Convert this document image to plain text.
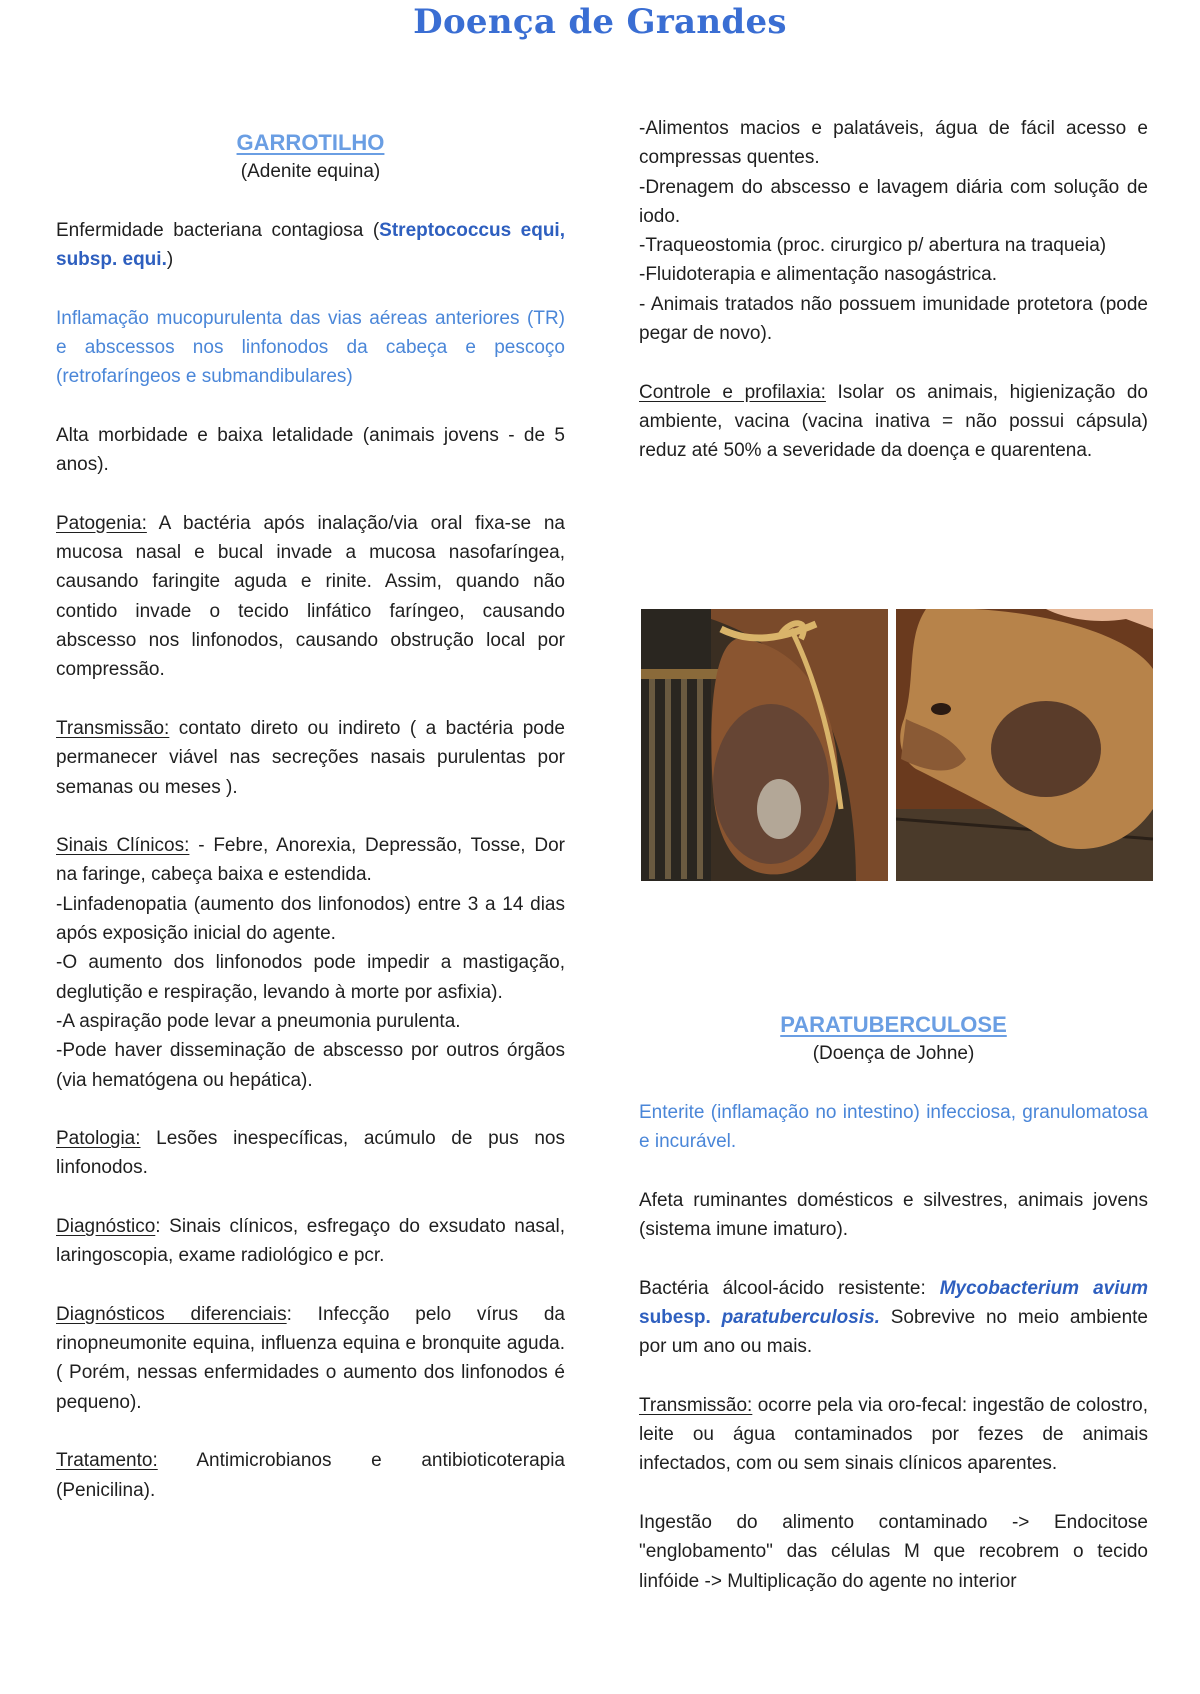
Doença de Grandes

GARROTILHO

(Adenite equina)

Enfermidade bacteriana contagiosa (Streptococcus equi, subsp. equi.)

Inflamação mucopurulenta das vias aéreas anteriores (TR) e abscessos nos linfonodos da cabeça e pescoço (retrofaríngeos e submandibulares)

Alta morbidade e baixa letalidade (animais jovens - de 5 anos).

Patogenia: A bactéria após inalação/via oral fixa-se na mucosa nasal e bucal invade a mucosa nasofaríngea, causando faringite aguda e rinite. Assim, quando não contido invade o tecido linfático faríngeo, causando abscesso nos linfonodos, causando obstrução local por compressão.

Transmissão: contato direto ou indireto ( a bactéria pode permanecer viável nas secreções nasais purulentas por semanas ou meses ).

Sinais Clínicos: - Febre, Anorexia, Depressão, Tosse, Dor na faringe, cabeça baixa e estendida.

-Linfadenopatia (aumento dos linfonodos) entre 3 a 14 dias após exposição inicial do agente.

-O aumento dos linfonodos pode impedir a mastigação, deglutição e respiração, levando à morte por asfixia).

-A aspiração pode levar a pneumonia purulenta.

-Pode haver disseminação de abscesso por outros órgãos (via hematógena ou hepática).

Patologia: Lesões inespecíficas, acúmulo de pus nos linfonodos.

Diagnóstico: Sinais clínicos, esfregaço do exsudato nasal, laringoscopia, exame radiológico e pcr.

Diagnósticos diferenciais: Infecção pelo vírus da rinopneumonite equina, influenza equina e bronquite aguda. ( Porém, nessas enfermidades o aumento dos linfonodos é pequeno).

Tratamento: Antimicrobianos e antibioticoterapia (Penicilina).

-Alimentos macios e palatáveis, água de fácil acesso e compressas quentes.

-Drenagem do abscesso e lavagem diária com solução de iodo.

-Traqueostomia (proc. cirurgico p/ abertura na traqueia)

-Fluidoterapia e alimentação nasogástrica.

- Animais tratados não possuem imunidade protetora (pode pegar de novo).

Controle e profilaxia: Isolar os animais, higienização do ambiente, vacina (vacina inativa = não possui cápsula) reduz até 50% a severidade da doença e quarentena.

PARATUBERCULOSE

(Doença de Johne)

Enterite (inflamação no intestino) infecciosa, granulomatosa e incurável.

Afeta ruminantes domésticos e silvestres, animais jovens (sistema imune imaturo).

Bactéria álcool-ácido resistente: Mycobacterium avium subesp. paratuberculosis. Sobrevive no meio ambiente por um ano ou mais.

Transmissão: ocorre pela via oro-fecal: ingestão de colostro, leite ou água contaminados por fezes de animais infectados, com ou sem sinais clínicos aparentes.

Ingestão do alimento contaminado -> Endocitose "englobamento" das células M que recobrem o tecido linfóide -> Multiplicação do agente no interior
